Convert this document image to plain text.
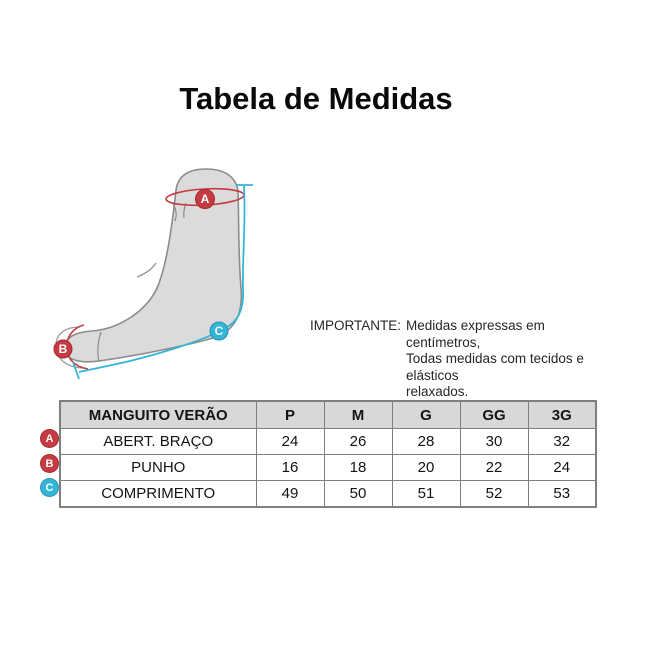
Tabela de Medidas
A
B
C	IMPORTANTE: Medidas expressas em centímetros,
Todas medidas com tecidos e elásticos
relaxados.
MANGUITO VERÃO	P	M	G	GG	3G
ABERT. BRAÇO	24	26	28	30	32
PUNHO	16	18	20	22	24
COMPRIMENTO	49	50	51	52	53
A
B
C
